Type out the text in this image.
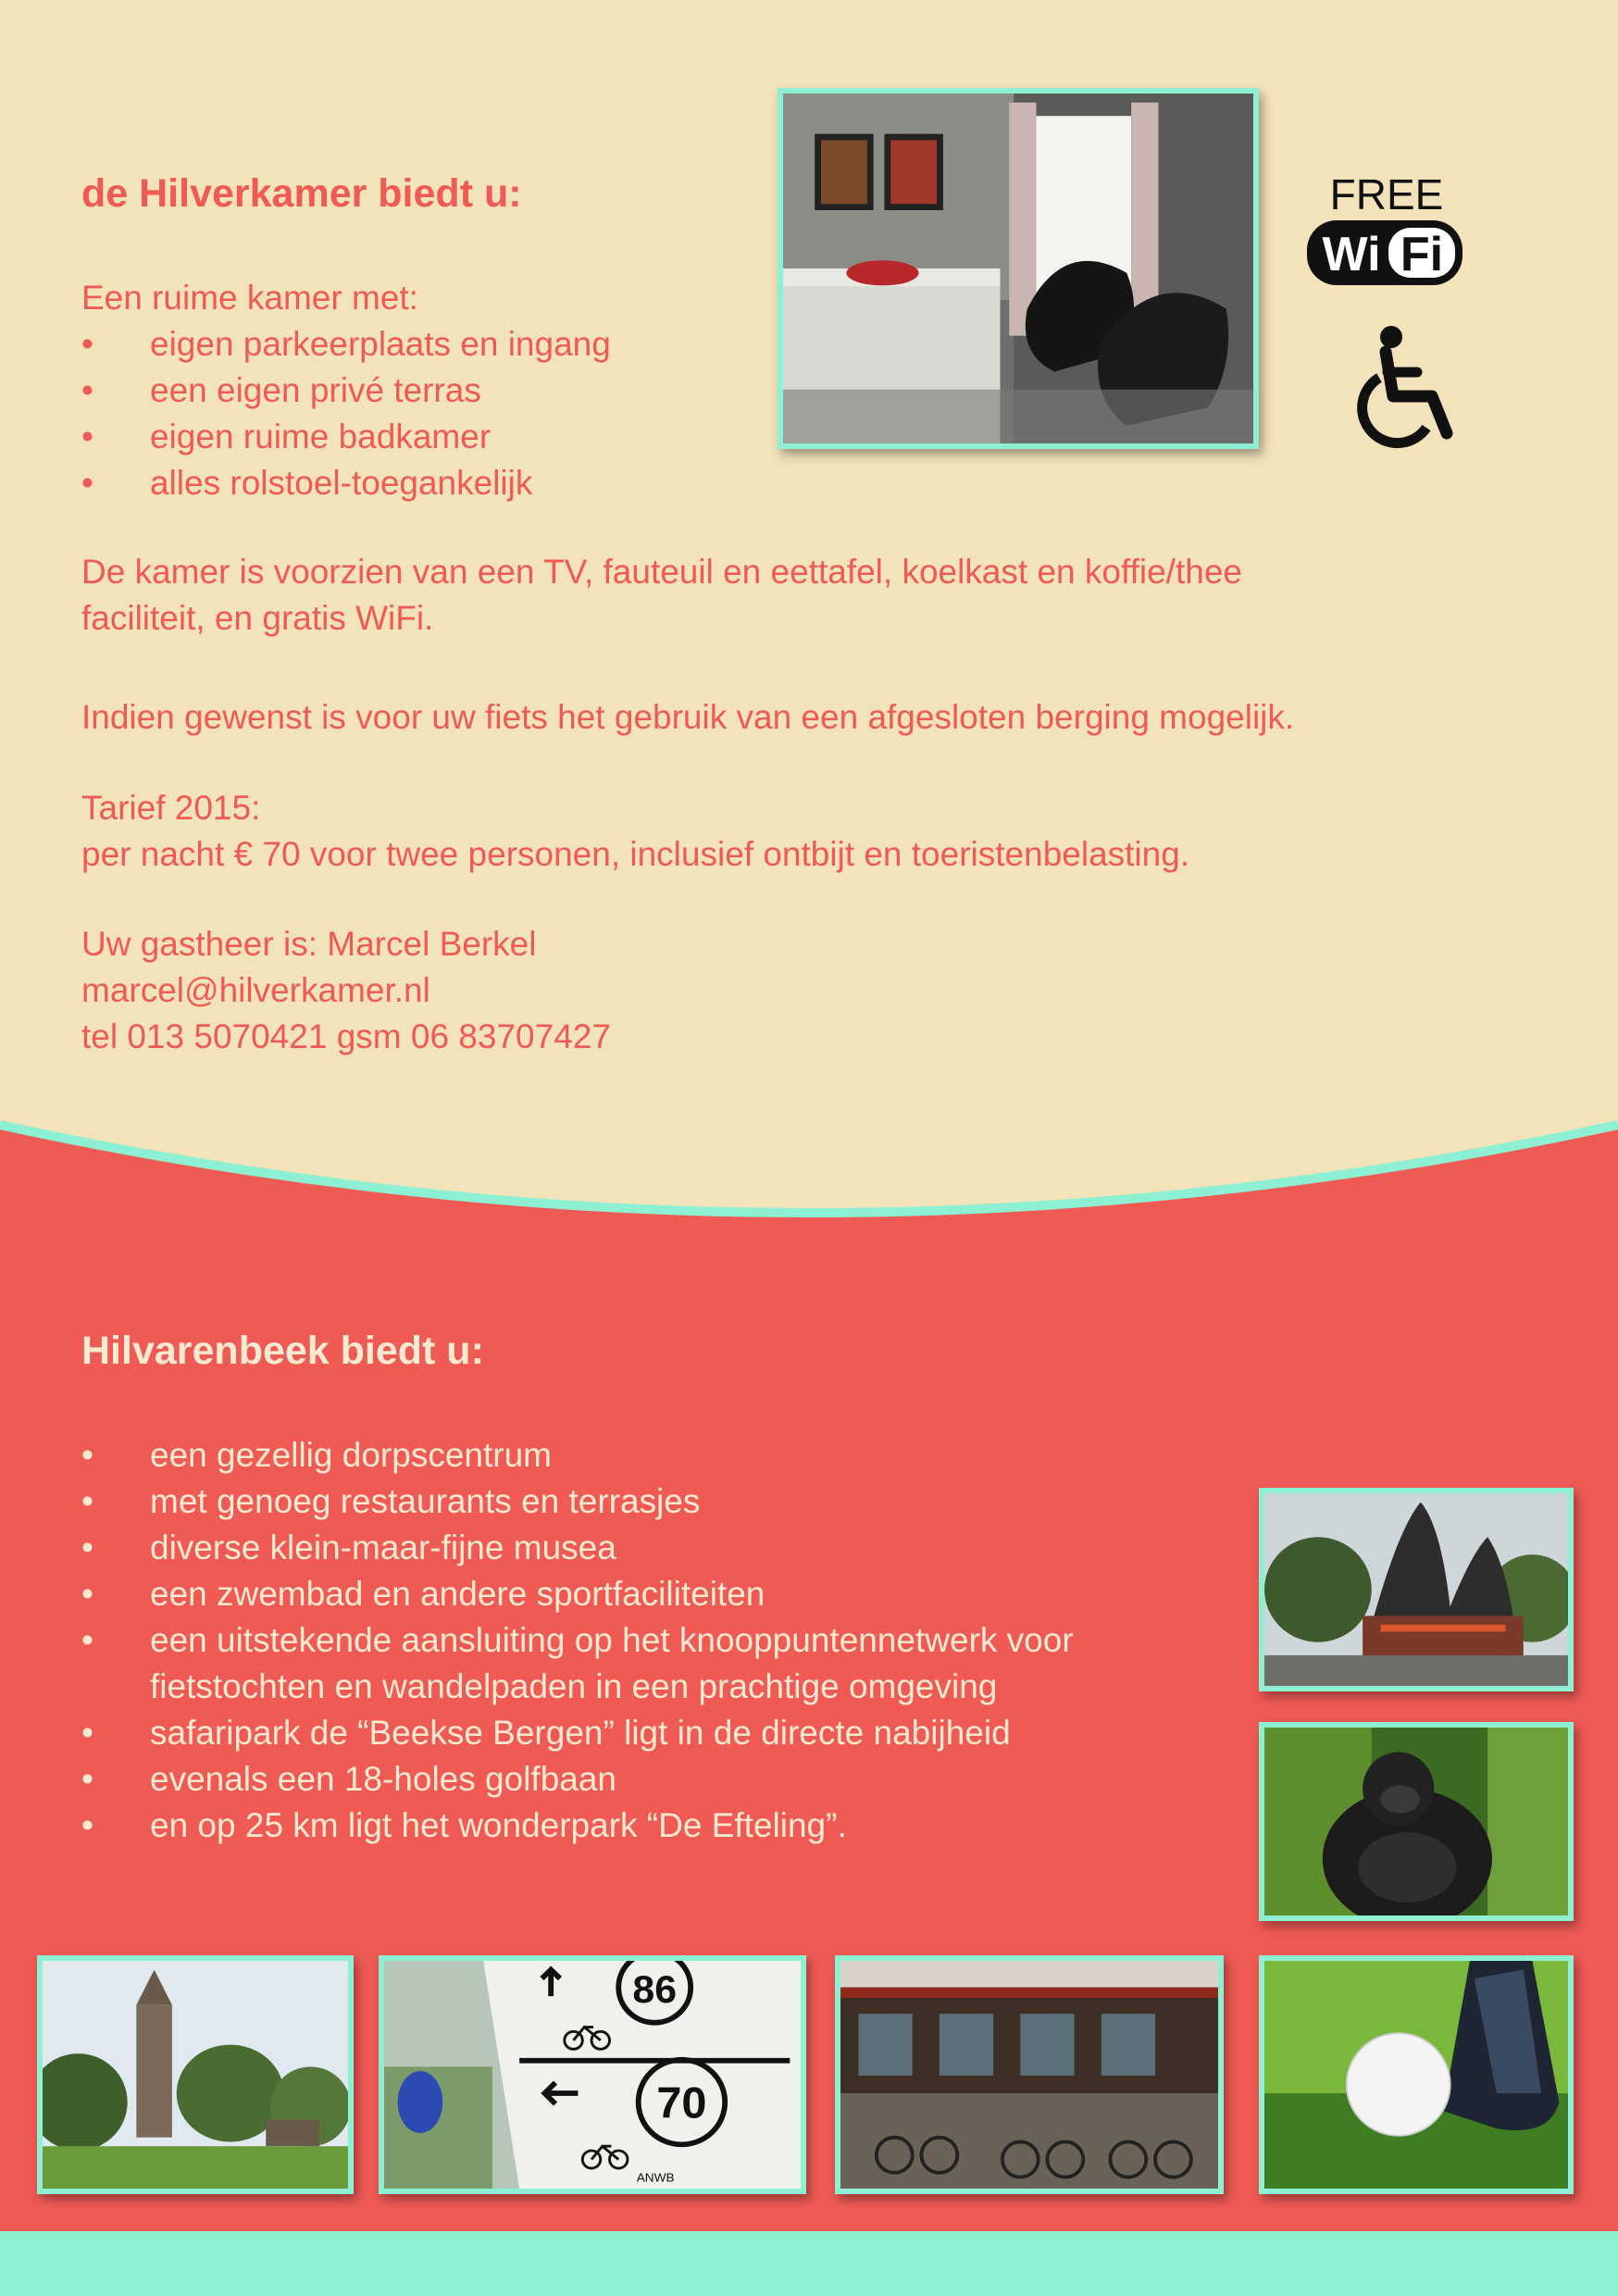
de Hilverkamer biedt u:

Een ruime kamer met:

• eigen parkeerplaats en ingang
• een eigen privé terras
• eigen ruime badkamer
• alles rolstoel-toegankelijk

De kamer is voorzien van een TV, fauteuil en eettafel, koelkast en koffie/thee

faciliteit, en gratis WiFi.

Indien gewenst is voor uw fiets het gebruik van een afgesloten berging mogelijk.

Tarief 2015:

per nacht € 70 voor twee personen, inclusief ontbijt en toeristenbelasting.

Uw gastheer is: Marcel Berkel

marcel@hilverkamer.nl

tel 013 5070421 gsm 06 83707427

FREE
Wi Fi
Hilvarenbeek biedt u:
• een gezellig dorpscentrum
• met genoeg restaurants en terrasjes
• diverse klein-maar-fijne musea
• een zwembad en andere sportfaciliteiten
• een uitstekende aansluiting op het knooppuntennetwerk voor
fietstochten en wandelpaden in een prachtige omgeving
• safaripark de “Beekse Bergen” ligt in de directe nabijheid
• evenals een 18-holes golfbaan
• en op 25 km ligt het wonderpark “De Efteling”.
86
70
ANWB
